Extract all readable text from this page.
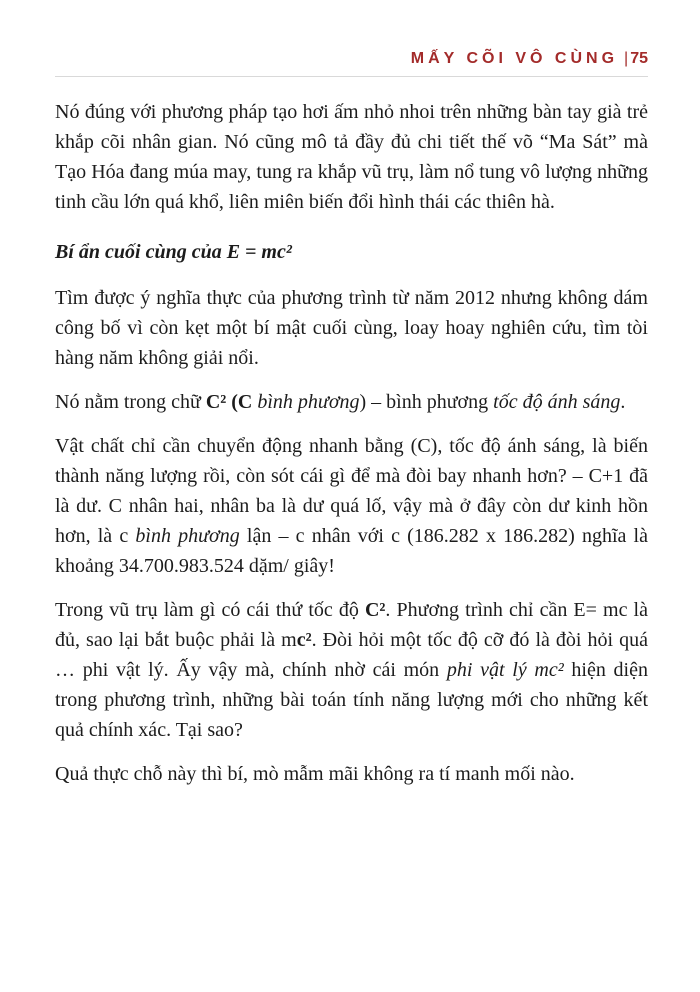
MẤY CÕI VÔ CÙNG | 75

Nó đúng với phương pháp tạo hơi ấm nhỏ nhoi trên những bàn tay già trẻ khắp cõi nhân gian. Nó cũng mô tả đầy đủ chi tiết thế võ “Ma Sát” mà Tạo Hóa đang múa may, tung ra khắp vũ trụ, làm nổ tung vô lượng những tinh cầu lớn quá khổ, liên miên biến đổi hình thái các thiên hà.

Bí ẩn cuối cùng của E = mc²

Tìm được ý nghĩa thực của phương trình từ năm 2012 nhưng không dám công bố vì còn kẹt một bí mật cuối cùng, loay hoay nghiên cứu, tìm tòi hàng năm không giải nổi.

Nó nằm trong chữ C² (C bình phương) – bình phương tốc độ ánh sáng.

Vật chất chỉ cần chuyển động nhanh bằng (C), tốc độ ánh sáng, là biến thành năng lượng rồi, còn sót cái gì để mà đòi bay nhanh hơn? – C+1 đã là dư. C nhân hai, nhân ba là dư quá lố, vậy mà ở đây còn dư kinh hồn hơn, là c bình phương lận – c nhân với c (186.282 x 186.282) nghĩa là khoảng 34.700.983.524 dặm/ giây!

Trong vũ trụ làm gì có cái thứ tốc độ C². Phương trình chỉ cần E= mc là đủ, sao lại bắt buộc phải là mc². Đòi hỏi một tốc độ cỡ đó là đòi hỏi quá … phi vật lý. Ấy vậy mà, chính nhờ cái món phi vật lý mc² hiện diện trong phương trình, những bài toán tính năng lượng mới cho những kết quả chính xác. Tại sao?

Quả thực chỗ này thì bí, mò mẫm mãi không ra tí manh mối nào.
